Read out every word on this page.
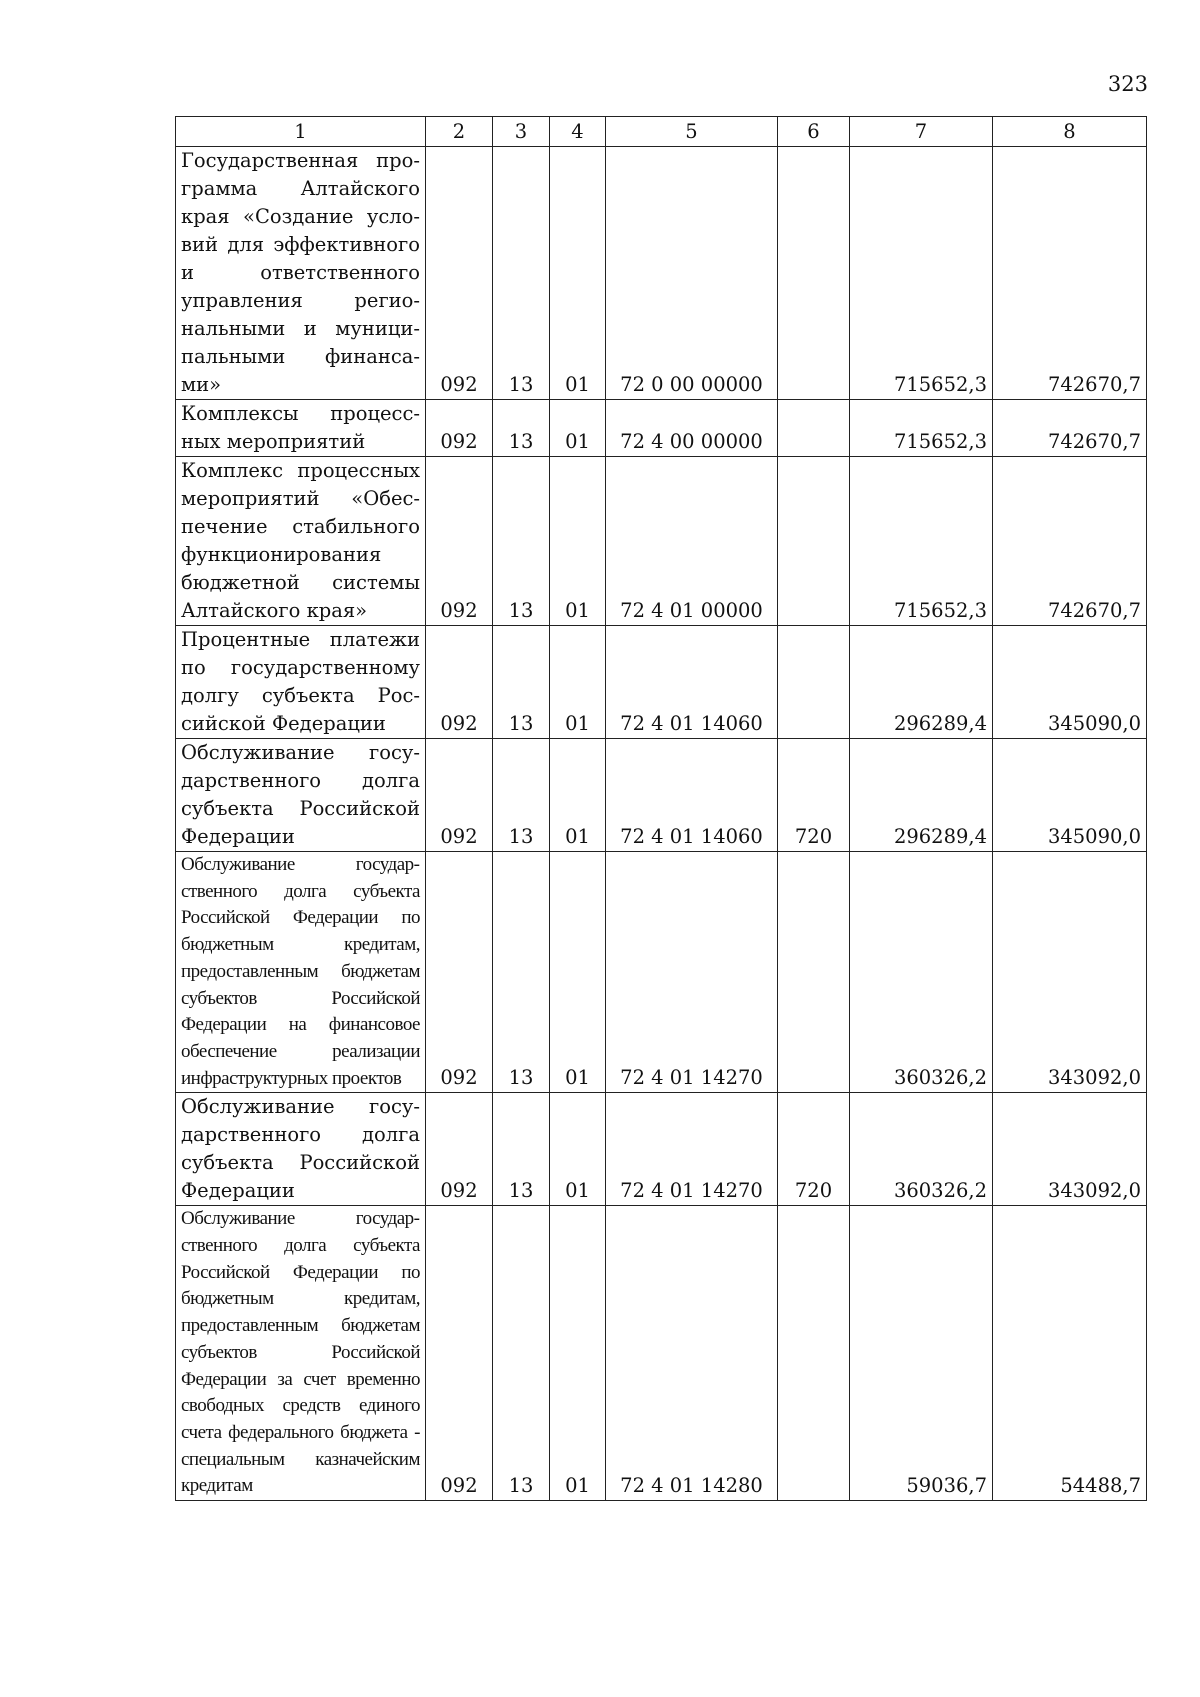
323
1	2	3	4	5	6	7	8
Государственная программа Алтайского края «Создание условий для эффективного и ответственного управления региональными и муниципальными финансами»	092	13	01	72 0 00 00000		715652,3	742670,7
Комплексы процессных мероприятий	092	13	01	72 4 00 00000		715652,3	742670,7
Комплекс процессных мероприятий «Обеспечение стабильного функционирования бюджетной системы Алтайского края»	092	13	01	72 4 01 00000		715652,3	742670,7
Процентные платежи по государственному долгу субъекта Российской Федерации	092	13	01	72 4 01 14060		296289,4	345090,0
Обслуживание государственного долга субъекта Российской Федерации	092	13	01	72 4 01 14060	720	296289,4	345090,0
Обслуживание государственного долга субъекта Российской Федерации по бюджетным кредитам, предоставленным бюджетам субъектов Российской Федерации на финансовое обеспечение реализации инфраструктурных проектов	092	13	01	72 4 01 14270		360326,2	343092,0
Обслуживание государственного долга субъекта Российской Федерации	092	13	01	72 4 01 14270	720	360326,2	343092,0
Обслуживание государственного долга субъекта Российской Федерации по бюджетным кредитам, предоставленным бюджетам субъектов Российской Федерации за счет временно свободных средств единого счета федерального бюджета - специальным казначейским кредитам	092	13	01	72 4 01 14280		59036,7	54488,7
